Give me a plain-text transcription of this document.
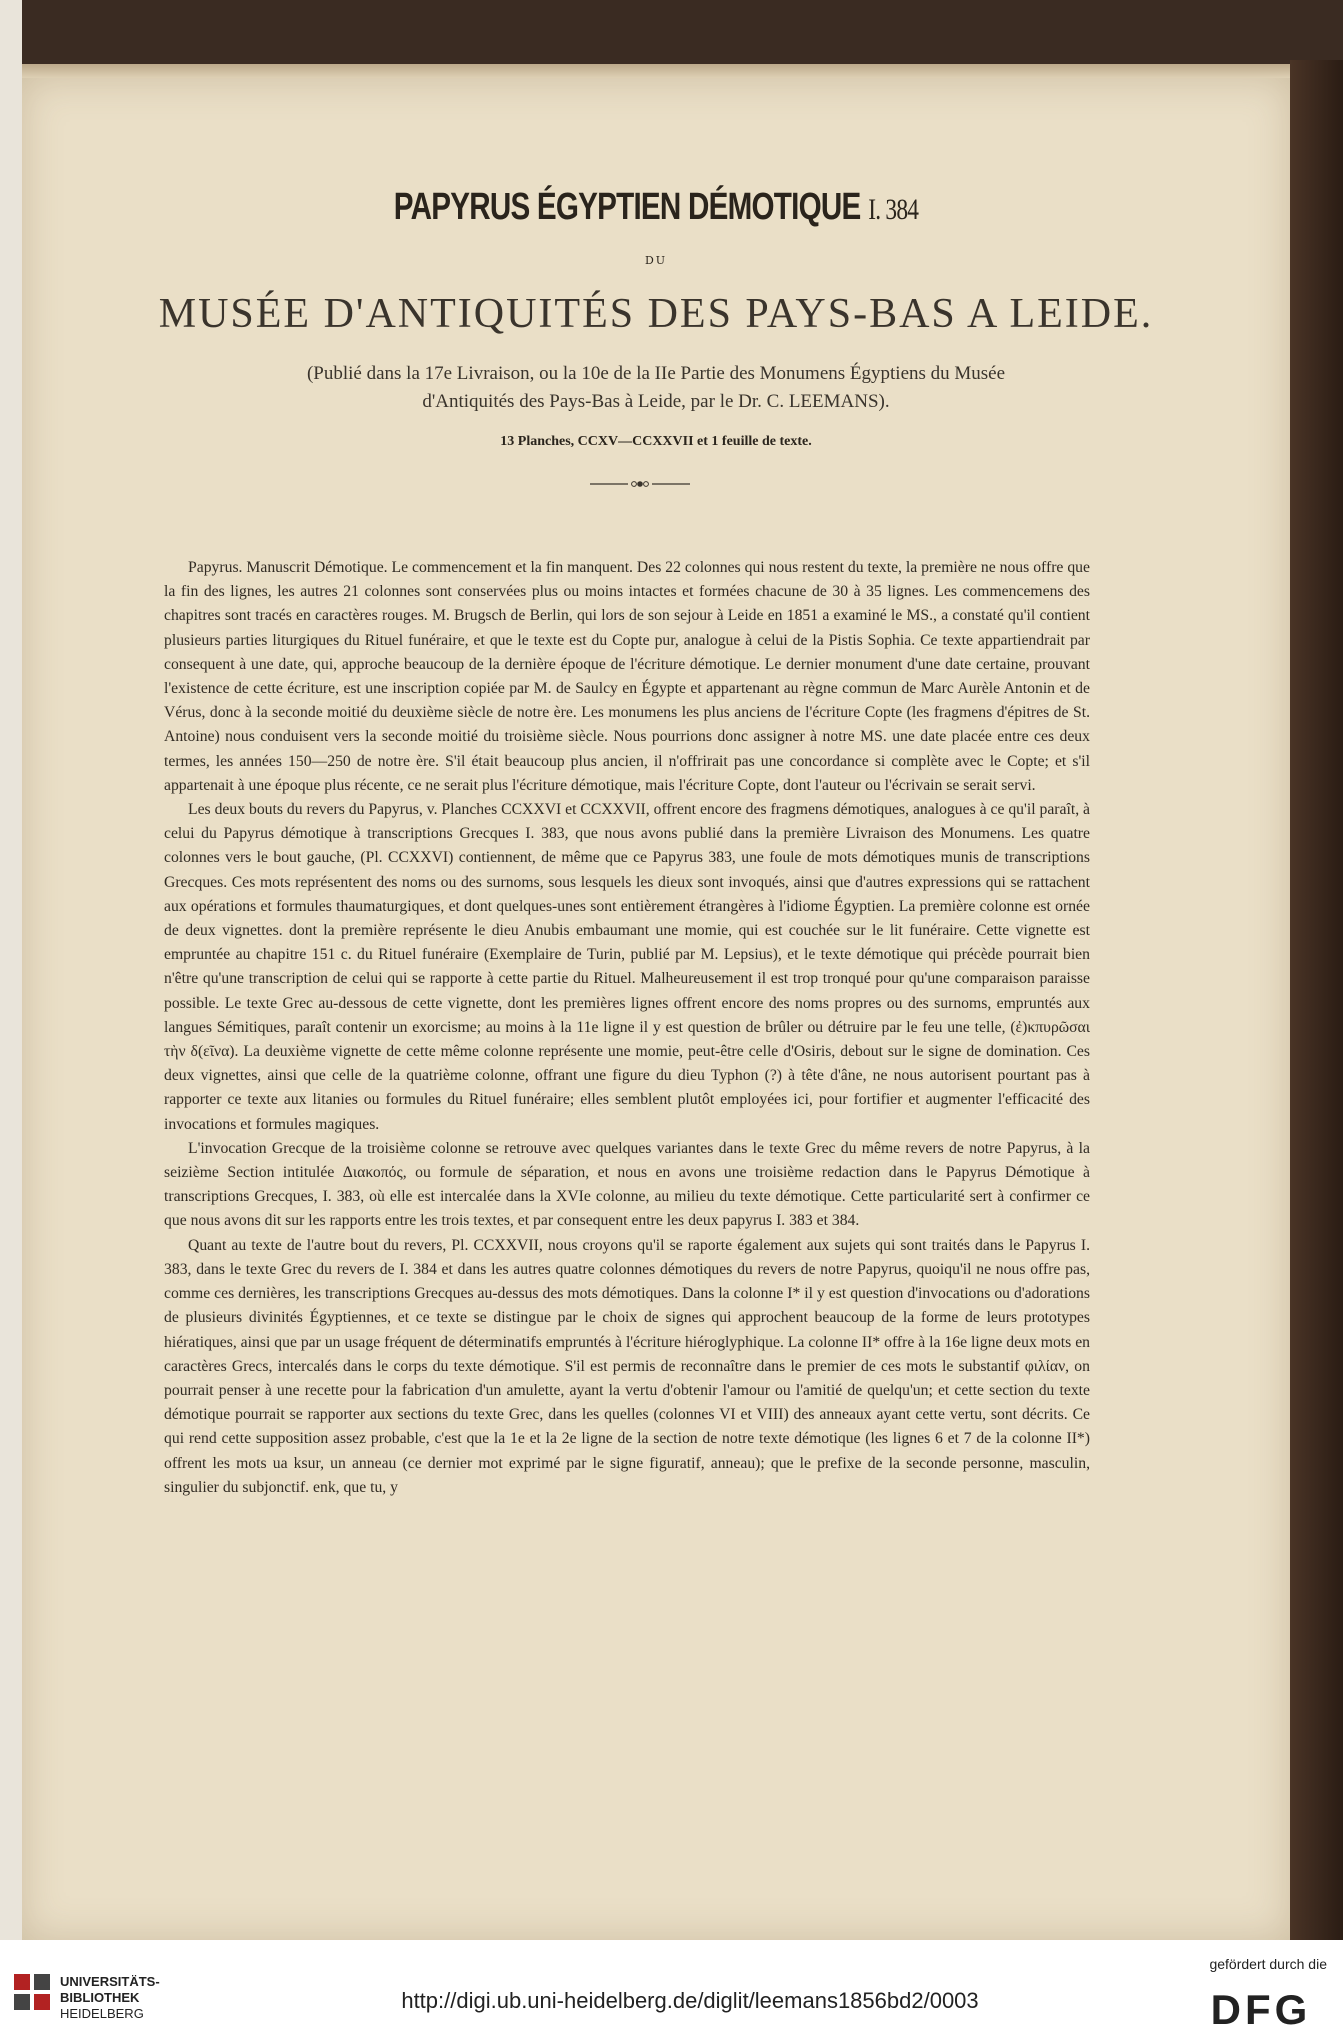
PAPYRUS ÉGYPTIEN DÉMOTIQUE I. 384
DU
MUSÉE D'ANTIQUITÉS DES PAYS-BAS A LEIDE.
(Publié dans la 17e Livraison, ou la 10e de la IIe Partie des Monumens Égyptiens du Musée
d'Antiquités des Pays-Bas à Leide, par le Dr. C. LEEMANS).
13 Planches, CCXV—CCXXVII et 1 feuille de texte.

Papyrus. Manuscrit Démotique. Le commencement et la fin manquent. Des 22 colonnes qui nous restent du texte, la première ne nous offre que la fin des lignes, les autres 21 colonnes sont conservées plus ou moins intactes et formées chacune de 30 à 35 lignes. Les commencemens des chapitres sont tracés en caractères rouges. M. Brugsch de Berlin, qui lors de son sejour à Leide en 1851 a examiné le MS., a constaté qu'il contient plusieurs parties liturgiques du Rituel funéraire, et que le texte est du Copte pur, analogue à celui de la Pistis Sophia. Ce texte appartiendrait par consequent à une date, qui, approche beaucoup de la dernière époque de l'écriture démotique. Le dernier monument d'une date certaine, prouvant l'existence de cette écriture, est une inscription copiée par M. de Saulcy en Égypte et appartenant au règne commun de Marc Aurèle Antonin et de Vérus, donc à la seconde moitié du deuxième siècle de notre ère. Les monumens les plus anciens de l'écriture Copte (les fragmens d'épitres de St. Antoine) nous conduisent vers la seconde moitié du troisième siècle. Nous pourrions donc assigner à notre MS. une date placée entre ces deux termes, les années 150—250 de notre ère. S'il était beaucoup plus ancien, il n'offrirait pas une concordance si complète avec le Copte; et s'il appartenait à une époque plus récente, ce ne serait plus l'écriture démotique, mais l'écriture Copte, dont l'auteur ou l'écrivain se serait servi.

Les deux bouts du revers du Papyrus, v. Planches CCXXVI et CCXXVII, offrent encore des fragmens démotiques, analogues à ce qu'il paraît, à celui du Papyrus démotique à transcriptions Grecques I. 383, que nous avons publié dans la première Livraison des Monumens. Les quatre colonnes vers le bout gauche, (Pl. CCXXVI) contiennent, de même que ce Papyrus 383, une foule de mots démotiques munis de transcriptions Grecques. Ces mots représentent des noms ou des surnoms, sous lesquels les dieux sont invoqués, ainsi que d'autres expressions qui se rattachent aux opérations et formules thaumaturgiques, et dont quelques-unes sont entièrement étrangères à l'idiome Égyptien. La première colonne est ornée de deux vignettes. dont la première représente le dieu Anubis embaumant une momie, qui est couchée sur le lit funéraire. Cette vignette est empruntée au chapitre 151 c. du Rituel funéraire (Exemplaire de Turin, publié par M. Lepsius), et le texte démotique qui précède pourrait bien n'être qu'une transcription de celui qui se rapporte à cette partie du Rituel. Malheureusement il est trop tronqué pour qu'une comparaison paraisse possible. Le texte Grec au-dessous de cette vignette, dont les premières lignes offrent encore des noms propres ou des surnoms, empruntés aux langues Sémitiques, paraît contenir un exorcisme; au moins à la 11e ligne il y est question de brûler ou détruire par le feu une telle, (ἐ)κπυρῶσαι τὴν δ(εῖνα). La deuxième vignette de cette même colonne représente une momie, peut-être celle d'Osiris, debout sur le signe de domination. Ces deux vignettes, ainsi que celle de la quatrième colonne, offrant une figure du dieu Typhon (?) à tête d'âne, ne nous autorisent pourtant pas à rapporter ce texte aux litanies ou formules du Rituel funéraire; elles semblent plutôt employées ici, pour fortifier et augmenter l'efficacité des invocations et formules magiques.

L'invocation Grecque de la troisième colonne se retrouve avec quelques variantes dans le texte Grec du même revers de notre Papyrus, à la seizième Section intitulée Διακοπός, ou formule de séparation, et nous en avons une troisième redaction dans le Papyrus Démotique à transcriptions Grecques, I. 383, où elle est intercalée dans la XVIe colonne, au milieu du texte démotique. Cette particularité sert à confirmer ce que nous avons dit sur les rapports entre les trois textes, et par consequent entre les deux papyrus I. 383 et 384.

Quant au texte de l'autre bout du revers, Pl. CCXXVII, nous croyons qu'il se raporte également aux sujets qui sont traités dans le Papyrus I. 383, dans le texte Grec du revers de I. 384 et dans les autres quatre colonnes démotiques du revers de notre Papyrus, quoiqu'il ne nous offre pas, comme ces dernières, les transcriptions Grecques au-dessus des mots démotiques. Dans la colonne I* il y est question d'invocations ou d'adorations de plusieurs divinités Égyptiennes, et ce texte se distingue par le choix de signes qui approchent beaucoup de la forme de leurs prototypes hiératiques, ainsi que par un usage fréquent de déterminatifs empruntés à l'écriture hiéroglyphique. La colonne II* offre à la 16e ligne deux mots en caractères Grecs, intercalés dans le corps du texte démotique. S'il est permis de reconnaître dans le premier de ces mots le substantif φιλίαν, on pourrait penser à une recette pour la fabrication d'un amulette, ayant la vertu d'obtenir l'amour ou l'amitié de quelqu'un; et cette section du texte démotique pourrait se rapporter aux sections du texte Grec, dans les quelles (colonnes VI et VIII) des anneaux ayant cette vertu, sont décrits. Ce qui rend cette supposition assez probable, c'est que la 1e et la 2e ligne de la section de notre texte démotique (les lignes 6 et 7 de la colonne II*) offrent les mots ua ksur, un anneau (ce dernier mot exprimé par le signe figuratif, anneau); que le prefixe de la seconde personne, masculin, singulier du subjonctif. enk, que tu, y

UNIVERSITÄTS-
BIBLIOTHEK
HEIDELBERG
http://digi.ub.uni-heidelberg.de/diglit/leemans1856bd2/0003
gefördert durch die
DFG
